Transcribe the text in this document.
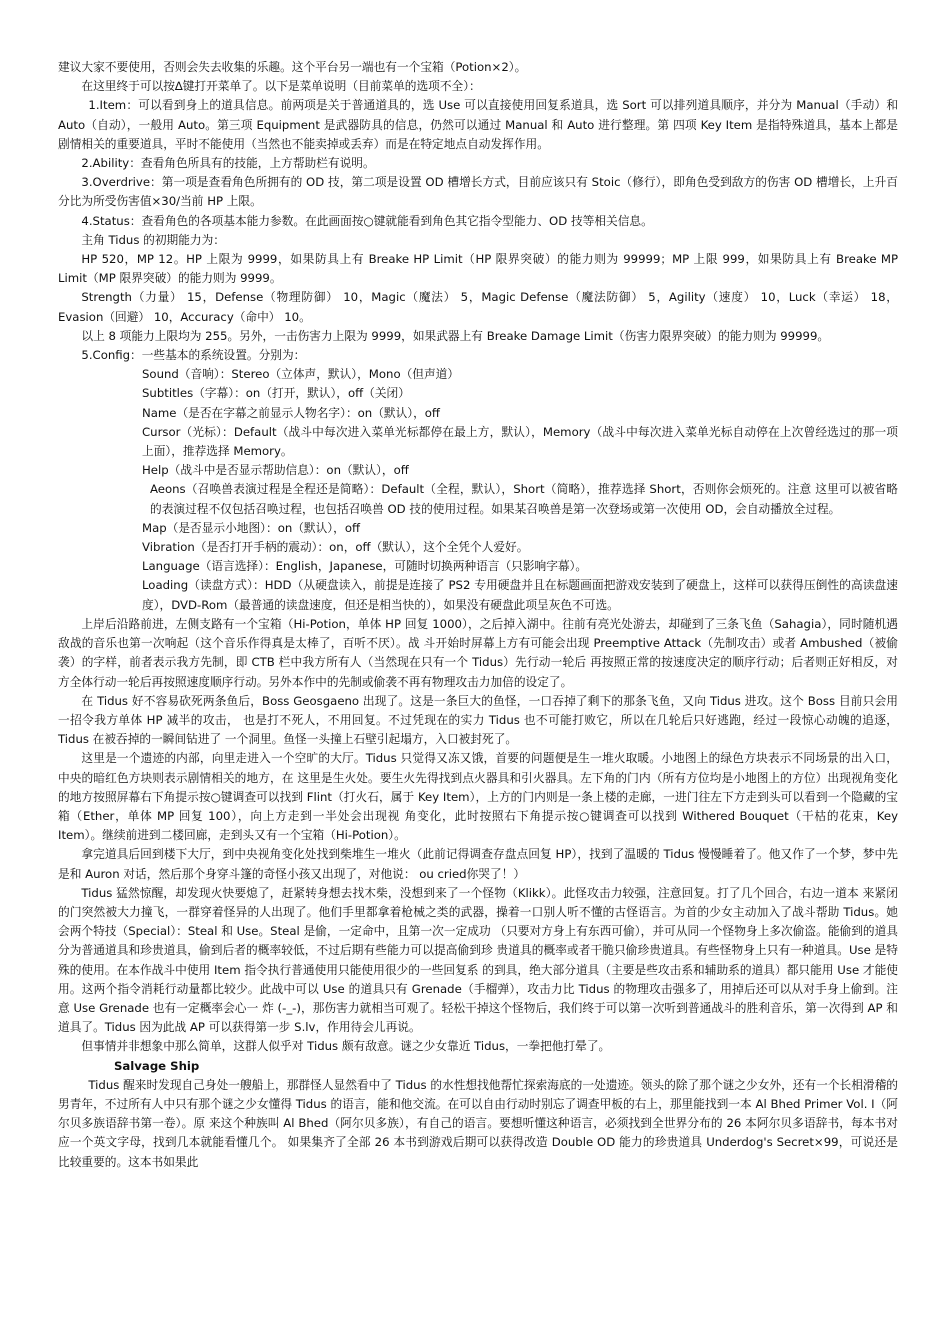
建议大家不要使用，否则会失去收集的乐趣。这个平台另一端也有一个宝箱（Potion×2）。

在这里终于可以按∆键打开菜单了。以下是菜单说明（目前菜单的选项不全）：

1.Item：可以看到身上的道具信息。前两项是关于普通道具的，选 Use 可以直接使用回复系道具，选 Sort 可以排列道具顺序，并分为 Manual（手动）和 Auto（自动），一般用 Auto。第三项 Equipment 是武器防具的信息，仍然可以通过 Manual 和 Auto 进行整理。第 四项 Key Item 是指特殊道具，基本上都是剧情相关的重要道具，平时不能使用（当然也不能卖掉或丢弃）而是在特定地点自动发挥作用。

2.Ability：查看角色所具有的技能，上方帮助栏有说明。

3.Overdrive：第一项是查看角色所拥有的 OD 技，第二项是设置 OD 槽增长方式，目前应该只有 Stoic（修行），即角色受到敌方的伤害 OD 槽增长，上升百分比为所受伤害值×30/当前 HP 上限。

4.Status：查看角色的各项基本能力参数。在此画面按○键就能看到角色其它指令型能力、OD 技等相关信息。

主角 Tidus 的初期能力为：

HP 520，MP 12。HP 上限为 9999，如果防具上有 Breake HP Limit（HP 限界突破）的能力则为 99999；MP 上限 999，如果防具上有 Breake MP Limit（MP 限界突破）的能力则为 9999。

Strength（力量） 15，Defense（物理防御） 10，Magic（魔法） 5，Magic Defense（魔法防御） 5，Agility（速度） 10，Luck（幸运） 18，Evasion（回避） 10，Accuracy（命中） 10。

以上 8 项能力上限均为 255。另外，一击伤害力上限为 9999，如果武器上有 Breake Damage Limit（伤害力限界突破）的能力则为 99999。

5.Config：一些基本的系统设置。分别为：

Sound（音响）：Stereo（立体声，默认），Mono（但声道）

Subtitles（字幕）：on（打开，默认），off（关闭）

Name（是否在字幕之前显示人物名字）：on（默认），off

Cursor（光标）：Default（战斗中每次进入菜单光标都停在最上方，默认），Memory（战斗中每次进入菜单光标自动停在上次曾经选过的那一项上面），推荐选择 Memory。

Help（战斗中是否显示帮助信息）：on（默认），off

Aeons（召唤兽表演过程是全程还是简略）：Default（全程，默认），Short（简略），推荐选择 Short，否则你会烦死的。注意 这里可以被省略的表演过程不仅包括召唤过程，也包括召唤兽 OD 技的使用过程。如果某召唤兽是第一次登场或第一次使用 OD，会自动播放全过程。

Map（是否显示小地图）：on（默认），off

Vibration（是否打开手柄的震动）：on，off（默认），这个全凭个人爱好。

Language（语言选择）：English，Japanese，可随时切换两种语言（只影响字幕）。

Loading（读盘方式）：HDD（从硬盘读入，前提是连接了 PS2 专用硬盘并且在标题画面把游戏安装到了硬盘上，这样可以获得压倒性的高读盘速度），DVD-Rom（最普通的读盘速度，但还是相当快的），如果没有硬盘此项呈灰色不可选。

上岸后沿路前进，左侧支路有一个宝箱（Hi-Potion，单体 HP 回复 1000），之后掉入湖中。往前有亮光处游去，却碰到了三条飞鱼（Sahagia），同时随机遇敌战的音乐也第一次响起（这个音乐作得真是太棒了，百听不厌）。战 斗开始时屏幕上方有可能会出现 Preemptive Attack（先制攻击）或者 Ambushed（被偷袭）的字样，前者表示我方先制，即 CTB 栏中我方所有人（当然现在只有一个 Tidus）先行动一轮后 再按照正常的按速度决定的顺序行动；后者则正好相反，对方全体行动一轮后再按照速度顺序行动。另外本作中的先制或偷袭不再有物理攻击力加倍的设定了。

在 Tidus 好不容易砍死两条鱼后，Boss Geosgaeno 出现了。这是一条巨大的鱼怪，一口吞掉了剩下的那条飞鱼，又向 Tidus 进攻。这个 Boss 目前只会用一招令我方单体 HP 减半的攻击， 也是打不死人，不用回复。不过凭现在的实力 Tidus 也不可能打败它，所以在几轮后只好逃跑，经过一段惊心动魄的追逐，Tidus 在被吞掉的一瞬间钻进了 一个洞里。鱼怪一头撞上石壁引起塌方，入口被封死了。

这里是一个遗迹的内部，向里走进入一个空旷的大厅。Tidus 只觉得又冻又饿，首要的问题便是生一堆火取暖。小地图上的绿色方块表示不同场景的出入口，中央的暗红色方块则表示剧情相关的地方，在 这里是生火处。要生火先得找到点火器具和引火器具。左下角的门内（所有方位均是小地图上的方位）出现视角变化的地方按照屏幕右下角提示按○键调查可以找到 Flint（打火石，属于 Key Item），上方的门内则是一条上楼的走廊，一进门往左下方走到头可以看到一个隐藏的宝箱（Ether，单体 MP 回复 100），向上方走到一半处会出现视 角变化，此时按照右下角提示按○键调查可以找到 Withered Bouquet（干枯的花束，Key Item）。继续前进到二楼回廊，走到头又有一个宝箱（Hi-Potion）。

拿完道具后回到楼下大厅，到中央视角变化处找到柴堆生一堆火（此前记得调查存盘点回复 HP），找到了温暖的 Tidus 慢慢睡着了。他又作了一个梦，梦中先是和 Auron 对话，然后那个身穿斗篷的奇怪小孩又出现了，对他说： ou cried你哭了！）

Tidus 猛然惊醒，却发现火快要熄了，赶紧转身想去找木柴，没想到来了一个怪物（Klikk）。此怪攻击力较强，注意回复。打了几个回合，右边一道本 来紧闭的门突然被大力撞飞，一群穿着怪异的人出现了。他们手里都拿着枪械之类的武器，操着一口别人听不懂的古怪语言。为首的少女主动加入了战斗帮助 Tidus。她会两个特技（Special）：Steal 和 Use。Steal 是偷，一定命中，且第一次一定成功 （只要对方身上有东西可偷），并可从同一个怪物身上多次偷盗。能偷到的道具分为普通道具和珍贵道具，偷到后者的概率较低，不过后期有些能力可以提高偷到珍 贵道具的概率或者干脆只偷珍贵道具。有些怪物身上只有一种道具。Use 是特殊的使用。在本作战斗中使用 Item 指令执行普通使用只能使用很少的一些回复系 的到具，绝大部分道具（主要是些攻击系和辅助系的道具）都只能用 Use 才能使用。这两个指令消耗行动量都比较少。此战中可以 Use 的道具只有 Grenade（手榴弹），攻击力比 Tidus 的物理攻击强多了，用掉后还可以从对手身上偷到。注意 Use Grenade 也有一定概率会心一 炸 (-_-)，那伤害力就相当可观了。轻松干掉这个怪物后，我们终于可以第一次听到普通战斗的胜利音乐，第一次得到 AP 和道具了。Tidus 因为此战 AP 可以获得第一步 S.lv，作用待会儿再说。

但事情并非想象中那么简单，这群人似乎对 Tidus 颇有敌意。谜之少女靠近 Tidus，一拳把他打晕了。

Salvage Ship

Tidus 醒来时发现自己身处一艘船上，那群怪人显然看中了 Tidus 的水性想找他帮忙探索海底的一处遗迹。领头的除了那个谜之少女外，还有一个长相滑稽的男青年，不过所有人中只有那个谜之少女懂得 Tidus 的语言，能和他交流。在可以自由行动时别忘了调查甲板的右上，那里能找到一本 Al Bhed Primer Vol. Ⅰ（阿尔贝多族语辞书第一卷）。原 来这个种族叫 Al Bhed（阿尔贝多族），有自己的语言。要想听懂这种语言，必须找到全世界分布的 26 本阿尔贝多语辞书，每本书对应一个英文字母，找到几本就能看懂几个。 如果集齐了全部 26 本书到游戏后期可以获得改造 Double OD 能力的珍贵道具 Underdog's Secret×99，可说还是比较重要的。这本书如果此
